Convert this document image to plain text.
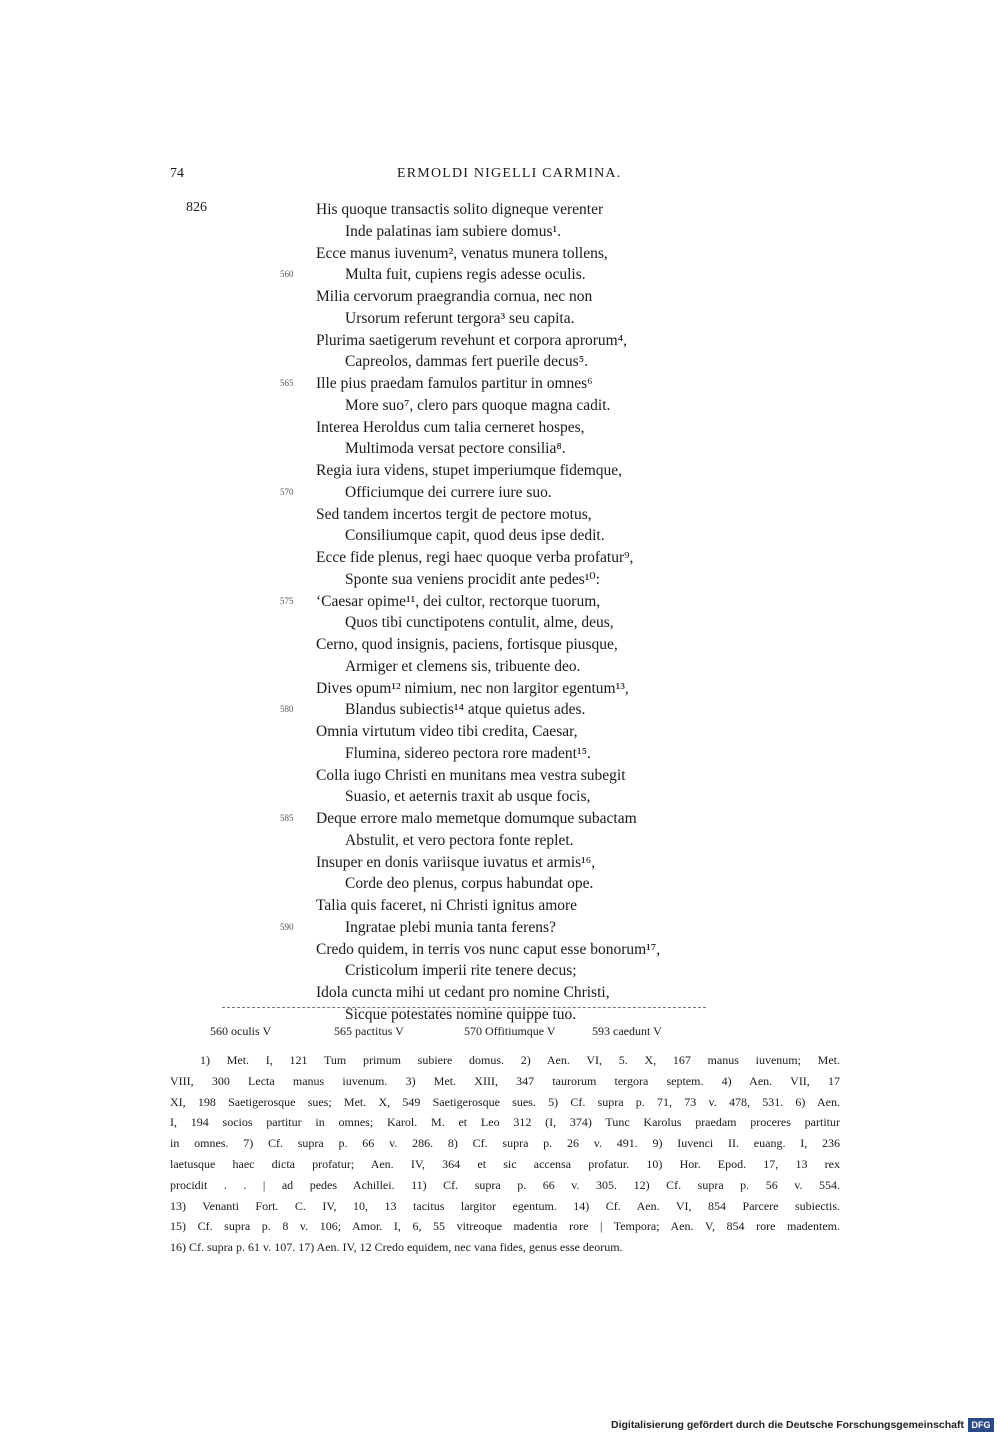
74	ERMOLDI NIGELLI CARMINA.
826	His quoque transactis solito digneque verenter
Inde palatinas iam subiere domus¹.
Ecce manus iuvenum², venatus munera tollens,
560	Multa fuit, cupiens regis adesse oculis.
Milia cervorum praegrandia cornua, nec non
Ursorum referunt tergora³ seu capita.
Plurima saetigerum revehunt et corpora aprorum⁴,
Capreolos, dammas fert puerile decus⁵.
565 Ille pius praedam famulos partitur in omnes⁶
More suo⁷, clero pars quoque magna cadit.
Interea Heroldus cum talia cerneret hospes,
Multimoda versat pectore consilia⁸.
Regia iura videns, stupet imperiumque fidemque,
570	Officiumque dei currere iure suo.
Sed tandem incertos tergit de pectore motus,
Consiliumque capit, quod deus ipse dedit.
Ecce fide plenus, regi haec quoque verba profatur⁹,
Sponte sua veniens procidit ante pedes¹⁰:
575 ‘Caesar opime¹¹, dei cultor, rectorque tuorum,
Quos tibi cunctipotens contulit, alme, deus,
Cerno, quod insignis, paciens, fortisque piusque,
Armiger et clemens sis, tribuente deo.
Dives opum¹² nimium, nec non largitor egentum¹³,
580	Blandus subiectis¹⁴ atque quietus ades.
Omnia virtutum video tibi credita, Caesar,
Flumina, sidereo pectora rore madent¹⁵.
Colla iugo Christi en munitans mea vestra subegit
Suasio, et aeternis traxit ab usque focis,
585 Deque errore malo memetque domumque subactam
Abstulit, et vero pectora fonte replet.
Insuper en donis variisque iuvatus et armis¹⁶,
Corde deo plenus, corpus habundat ope.
Talia quis faceret, ni Christi ignitus amore
590	Ingratae plebi munia tanta ferens?
Credo quidem, in terris vos nunc caput esse bonorum¹⁷,
Cristicolum imperii rite tenere decus;
Idola cuncta mihi ut cedant pro nomine Christi,
Sicque potestates nomine quippe tuo.
560 oculis V	565 pactitus V	570 Offitiumque V	593 caedunt V
1) Met. I, 121 Tum primum subiere domus. 2) Aen. VI, 5. X, 167 manus iuvenum; Met.
VIII, 300 Lecta manus iuvenum. 3) Met. XIII, 347 taurorum tergora septem. 4) Aen. VII, 17
XI, 198 Saetigerosque sues; Met. X, 549 Saetigerosque sues. 5) Cf. supra p. 71, 73 v. 478, 531. 6) Aen.
I, 194 socios partitur in omnes; Karol. M. et Leo 312 (I, 374) Tunc Karolus praedam proceres partitur
in omnes. 7) Cf. supra p. 66 v. 286. 8) Cf. supra p. 26 v. 491. 9) Iuvenci II. euang. I, 236
laetusque haec dicta profatur; Aen. IV, 364 et sic accensa profatur. 10) Hor. Epod. 17, 13 rex
procidit . . | ad pedes Achillei. 11) Cf. supra p. 66 v. 305. 12) Cf. supra p. 56 v. 554.
13) Venanti Fort. C. IV, 10, 13 tacitus largitor egentum. 14) Cf. Aen. VI, 854 Parcere subiectis.
15) Cf. supra p. 8 v. 106; Amor. I, 6, 55 vitreoque madentia rore | Tempora; Aen. V, 854 rore madentem.
16) Cf. supra p. 61 v. 107. 17) Aen. IV, 12 Credo equidem, nec vana fides, genus esse deorum.
Digitalisierung gefördert durch die Deutsche Forschungsgemeinschaft DFG
